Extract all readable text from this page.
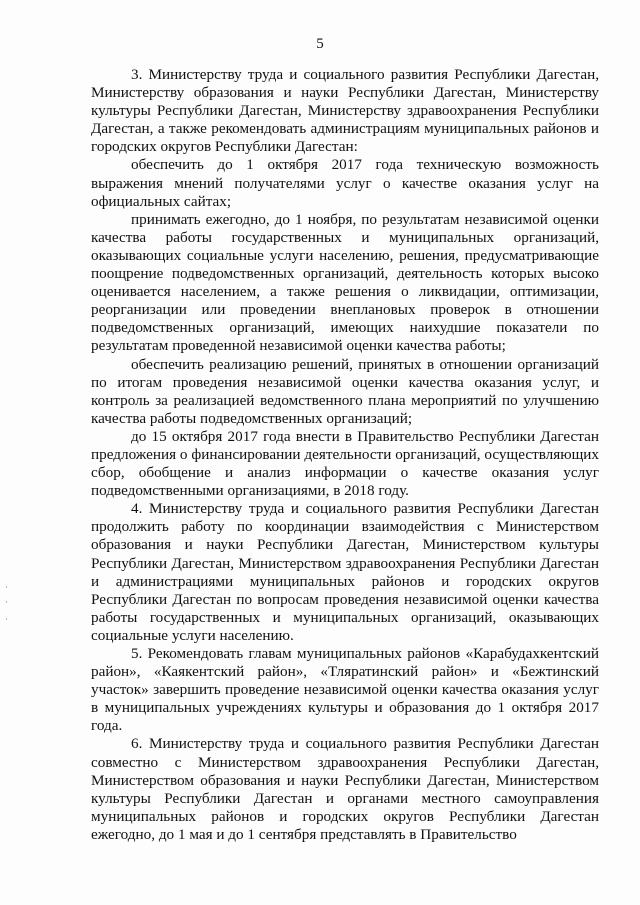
5

3. Министерству труда и социального развития Республики Дагестан, Министерству образования и науки Республики Дагестан, Министерству культуры Республики Дагестан, Министерству здравоохранения Республики Дагестан, а также рекомендовать администрациям муниципальных районов и городских округов Республики Дагестан:

обеспечить до 1 октября 2017 года техническую возможность выражения мнений получателями услуг о качестве оказания услуг на официальных сайтах;

принимать ежегодно, до 1 ноября, по результатам независимой оценки качества работы государственных и муниципальных организаций, оказывающих социальные услуги населению, решения, предусматривающие поощрение подведомственных организаций, деятельность которых высоко оценивается населением, а также решения о ликвидации, оптимизации, реорганизации или проведении внеплановых проверок в отношении подведомственных организаций, имеющих наихудшие показатели по результатам проведенной независимой оценки качества работы;

обеспечить реализацию решений, принятых в отношении организаций по итогам проведения независимой оценки качества оказания услуг, и контроль за реализацией ведомственного плана мероприятий по улучшению качества работы подведомственных организаций;

до 15 октября 2017 года внести в Правительство Республики Дагестан предложения о финансировании деятельности организаций, осуществляющих сбор, обобщение и анализ информации о качестве оказания услуг подведомственными организациями, в 2018 году.

4. Министерству труда и социального развития Республики Дагестан продолжить работу по координации взаимодействия с Министерством образования и науки Республики Дагестан, Министерством культуры Республики Дагестан, Министерством здравоохранения Республики Дагестан и администрациями муниципальных районов и городских округов Республики Дагестан по вопросам проведения независимой оценки качества работы государственных и муниципальных организаций, оказывающих социальные услуги населению.

5. Рекомендовать главам муниципальных районов «Карабудахкентский район», «Каякентский район», «Тляратинский район» и «Бежтинский участок» завершить проведение независимой оценки качества оказания услуг в муниципальных учреждениях культуры и образования до 1 октября 2017 года.

6. Министерству труда и социального развития Республики Дагестан совместно с Министерством здравоохранения Республики Дагестан, Министерством образования и науки Республики Дагестан, Министерством культуры Республики Дагестан и органами местного самоуправления муниципальных районов и городских округов Республики Дагестан ежегодно, до 1 мая и до 1 сентября представлять в Правительство
